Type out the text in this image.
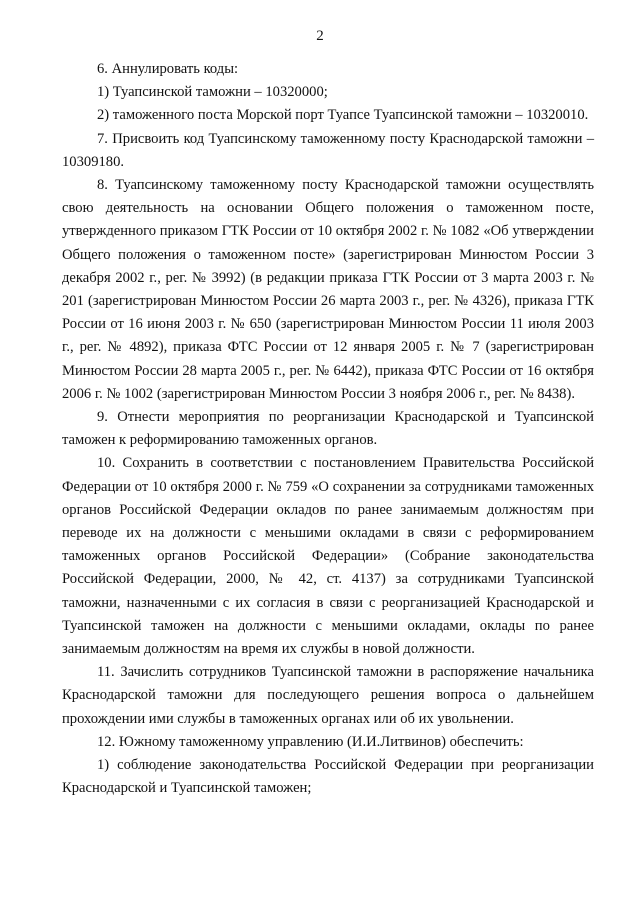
2

6. Аннулировать коды:

1) Туапсинской таможни – 10320000;

2) таможенного поста Морской порт Туапсе Туапсинской таможни – 10320010.

7. Присвоить код Туапсинскому таможенному посту Краснодарской таможни – 10309180.

8. Туапсинскому таможенному посту Краснодарской таможни осуществлять свою деятельность на основании Общего положения о таможенном посте, утвержденного приказом ГТК России от 10 октября 2002 г. № 1082 «Об утверждении Общего положения о таможенном посте» (зарегистрирован Минюстом России 3 декабря 2002 г., рег. № 3992) (в редакции приказа ГТК России от 3 марта 2003 г. № 201 (зарегистрирован Минюстом России 26 марта 2003 г., рег. № 4326), приказа ГТК России от 16 июня 2003 г. № 650 (зарегистрирован Минюстом России 11 июля 2003 г., рег. № 4892), приказа ФТС России от 12 января 2005 г. № 7 (зарегистрирован Минюстом России 28 марта 2005 г., рег. № 6442), приказа ФТС России от 16 октября 2006 г. № 1002 (зарегистрирован Минюстом России 3 ноября 2006 г., рег. № 8438).

9. Отнести мероприятия по реорганизации Краснодарской и Туапсинской таможен к реформированию таможенных органов.

10. Сохранить в соответствии с постановлением Правительства Российской Федерации от 10 октября 2000 г. № 759 «О сохранении за сотрудниками таможенных органов Российской Федерации окладов по ранее занимаемым должностям при переводе их на должности с меньшими окладами в связи с реформированием таможенных органов Российской Федерации» (Собрание законодательства Российской Федерации, 2000, № 42, ст. 4137) за сотрудниками Туапсинской таможни, назначенными с их согласия в связи с реорганизацией Краснодарской и Туапсинской таможен на должности с меньшими окладами, оклады по ранее занимаемым должностям на время их службы в новой должности.

11. Зачислить сотрудников Туапсинской таможни в распоряжение начальника Краснодарской таможни для последующего решения вопроса о дальнейшем прохождении ими службы в таможенных органах или об их увольнении.

12. Южному таможенному управлению (И.И.Литвинов) обеспечить:

1) соблюдение законодательства Российской Федерации при реорганизации Краснодарской и Туапсинской таможен;
